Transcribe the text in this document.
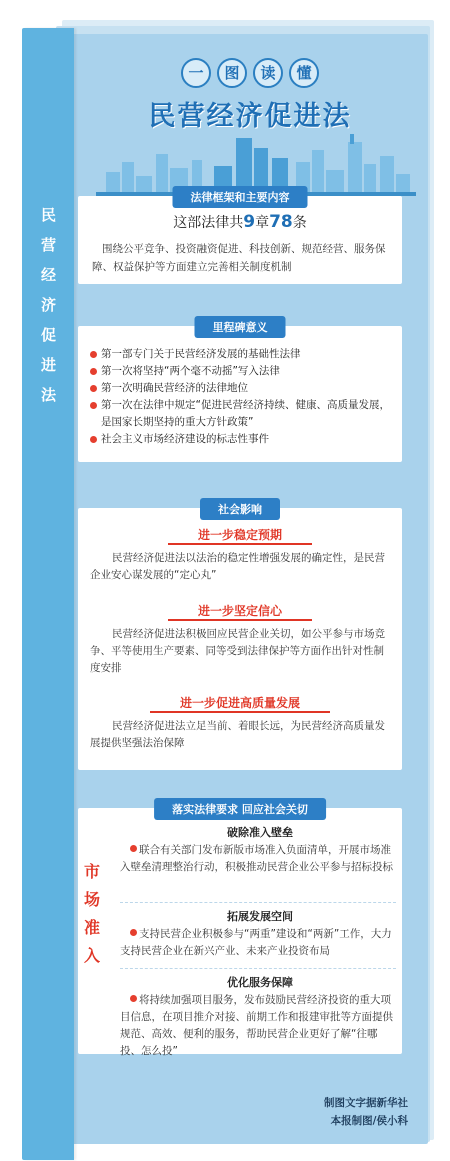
民营经济促进法
一 图 读 懂
民营经济促进法
法律框架和主要内容
这部法律共9章78条
围绕公平竞争、投资融资促进、科技创新、规范经营、服务保障、权益保护等方面建立完善相关制度机制
里程碑意义
第一部专门关于民营经济发展的基础性法律
第一次将坚持“两个毫不动摇”写入法律
第一次明确民营经济的法律地位
第一次在法律中规定“促进民营经济持续、健康、高质量发展，是国家长期坚持的重大方针政策”
社会主义市场经济建设的标志性事件
社会影响
进一步稳定预期
民营经济促进法以法治的稳定性增强发展的确定性，是民营企业安心谋发展的“定心丸”
进一步坚定信心
民营经济促进法积极回应民营企业关切，如公平参与市场竞争、平等使用生产要素、同等受到法律保护等方面作出针对性制度安排
进一步促进高质量发展
民营经济促进法立足当前、着眼长远，为民营经济高质量发展提供坚强法治保障
落实法律要求 回应社会关切
破除准入壁垒
联合有关部门发布新版市场准入负面清单，开展市场准入壁垒清理整治行动，积极推动民营企业公平参与招标投标
拓展发展空间
支持民营企业积极参与“两重”建设和“两新”工作，大力支持民营企业在新兴产业、未来产业投资布局
优化服务保障
将持续加强项目服务，发布鼓励民营经济投资的重大项目信息，在项目推介对接、前期工作和报建审批等方面提供规范、高效、便利的服务，帮助民营企业更好了解“往哪投、怎么投”
市场准入
制图文字据新华社
本报制图/侯小科
